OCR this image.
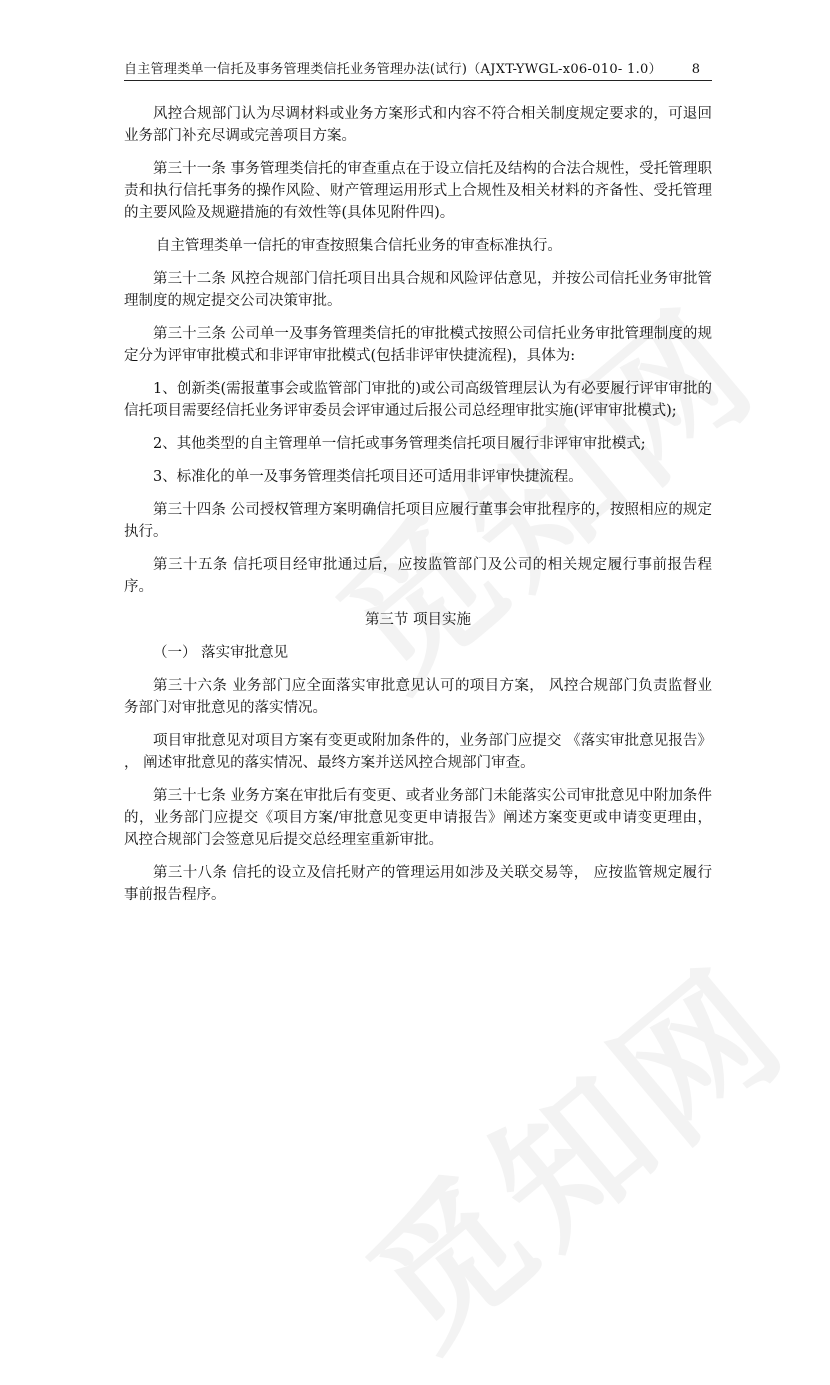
自主管理类单一信托及事务管理类信托业务管理办法(试行)（AJXT-YWGL-x06-010- 1.0）	8

风控合规部门认为尽调材料或业务方案形式和内容不符合相关制度规定要求的，可退回业务部门补充尽调或完善项目方案。

第三十一条 事务管理类信托的审查重点在于设立信托及结构的合法合规性，受托管理职责和执行信托事务的操作风险、财产管理运用形式上合规性及相关材料的齐备性、受托管理的主要风险及规避措施的有效性等(具体见附件四)。

自主管理类单一信托的审查按照集合信托业务的审查标准执行。

第三十二条 风控合规部门信托项目出具合规和风险评估意见，并按公司信托业务审批管理制度的规定提交公司决策审批。

第三十三条 公司单一及事务管理类信托的审批模式按照公司信托业务审批管理制度的规定分为评审审批模式和非评审审批模式(包括非评审快捷流程)，具体为:

1、创新类(需报董事会或监管部门审批的)或公司高级管理层认为有必要履行评审审批的信托项目需要经信托业务评审委员会评审通过后报公司总经理审批实施(评审审批模式);

2、其他类型的自主管理单一信托或事务管理类信托项目履行非评审审批模式;

3、标准化的单一及事务管理类信托项目还可适用非评审快捷流程。

第三十四条 公司授权管理方案明确信托项目应履行董事会审批程序的，按照相应的规定执行。

第三十五条 信托项目经审批通过后，应按监管部门及公司的相关规定履行事前报告程序。

第三节 项目实施

（一） 落实审批意见

第三十六条 业务部门应全面落实审批意见认可的项目方案， 风控合规部门负责监督业务部门对审批意见的落实情况。

项目审批意见对项目方案有变更或附加条件的，业务部门应提交 《落实审批意见报告》 ， 阐述审批意见的落实情况、最终方案并送风控合规部门审查。

第三十七条 业务方案在审批后有变更、或者业务部门未能落实公司审批意见中附加条件的，业务部门应提交《项目方案/审批意见变更申请报告》阐述方案变更或申请变更理由， 风控合规部门会签意见后提交总经理室重新审批。

第三十八条 信托的设立及信托财产的管理运用如涉及关联交易等， 应按监管规定履行事前报告程序。
